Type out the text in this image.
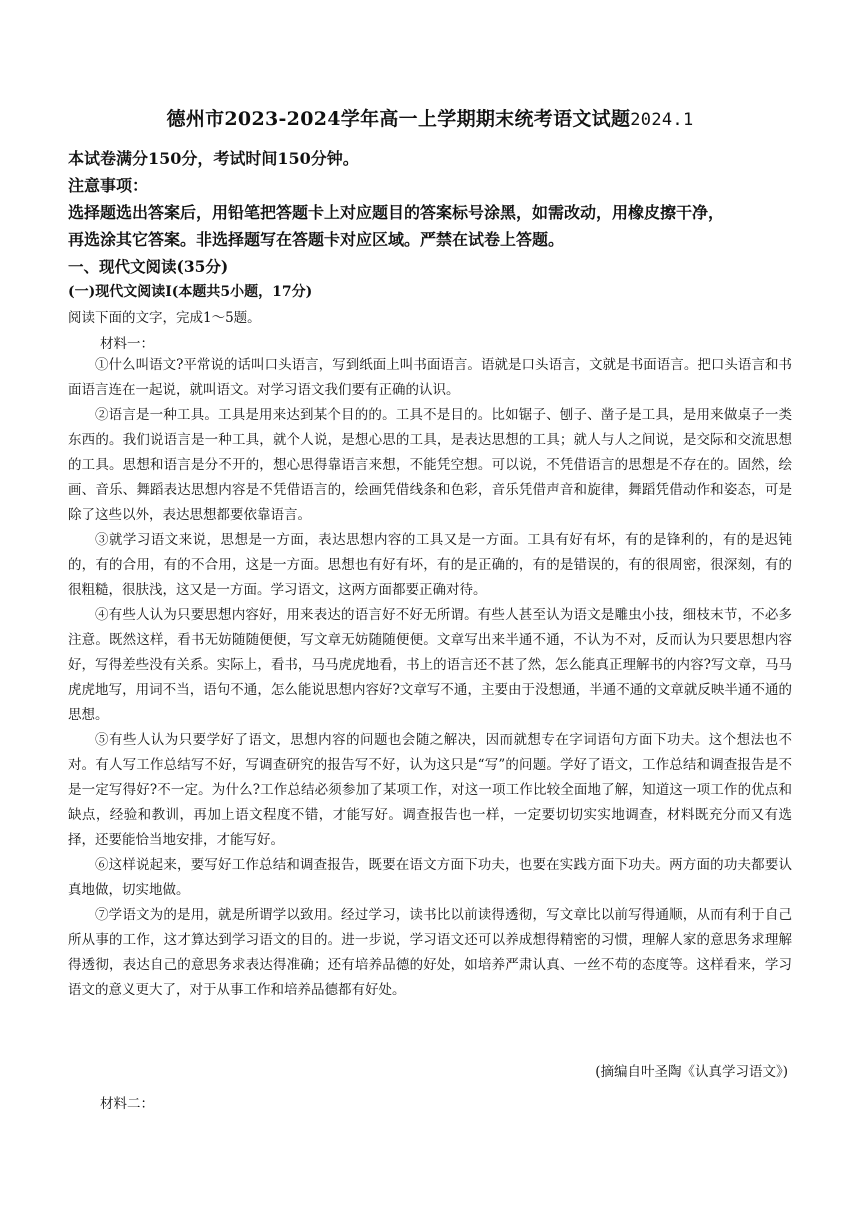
德州市2023-2024学年高一上学期期末统考语文试题2024.1
本试卷满分150分，考试时间150分钟。
注意事项：
选择题选出答案后，用铅笔把答题卡上对应题目的答案标号涂黑，如需改动，用橡皮擦干净，
再选涂其它答案。非选择题写在答题卡对应区域。严禁在试卷上答题。
一、现代文阅读(35分)
(一)现代文阅读Ⅰ(本题共5小题，17分)
阅读下面的文字，完成1～5题。
材料一：

①什么叫语文?平常说的话叫口头语言，写到纸面上叫书面语言。语就是口头语言，文就是书面语言。把口头语言和书面语言连在一起说，就叫语文。对学习语文我们要有正确的认识。

②语言是一种工具。工具是用来达到某个目的的。工具不是目的。比如锯子、刨子、凿子是工具，是用来做桌子一类东西的。我们说语言是一种工具，就个人说，是想心思的工具，是表达思想的工具；就人与人之间说，是交际和交流思想的工具。思想和语言是分不开的，想心思得靠语言来想，不能凭空想。可以说，不凭借语言的思想是不存在的。固然，绘画、音乐、舞蹈表达思想内容是不凭借语言的，绘画凭借线条和色彩，音乐凭借声音和旋律，舞蹈凭借动作和姿态，可是除了这些以外，表达思想都要依靠语言。

③就学习语文来说，思想是一方面，表达思想内容的工具又是一方面。工具有好有坏，有的是锋利的，有的是迟钝的，有的合用，有的不合用，这是一方面。思想也有好有坏，有的是正确的，有的是错误的，有的很周密，很深刻，有的很粗糙，很肤浅，这又是一方面。学习语文，这两方面都要正确对待。

④有些人认为只要思想内容好，用来表达的语言好不好无所谓。有些人甚至认为语文是雕虫小技，细枝末节，不必多注意。既然这样，看书无妨随随便便，写文章无妨随随便便。文章写出来半通不通，不认为不对，反而认为只要思想内容好，写得差些没有关系。实际上，看书，马马虎虎地看，书上的语言还不甚了然，怎么能真正理解书的内容?写文章，马马虎虎地写，用词不当，语句不通，怎么能说思想内容好?文章写不通，主要由于没想通，半通不通的文章就反映半通不通的思想。

⑤有些人认为只要学好了语文，思想内容的问题也会随之解决，因而就想专在字词语句方面下功夫。这个想法也不对。有人写工作总结写不好，写调查研究的报告写不好，认为这只是“写”的问题。学好了语文，工作总结和调查报告是不是一定写得好?不一定。为什么?工作总结必须参加了某项工作，对这一项工作比较全面地了解，知道这一项工作的优点和缺点，经验和教训，再加上语文程度不错，才能写好。调查报告也一样，一定要切切实实地调查，材料既充分而又有选择，还要能恰当地安排，才能写好。

⑥这样说起来，要写好工作总结和调查报告，既要在语文方面下功夫，也要在实践方面下功夫。两方面的功夫都要认真地做，切实地做。

⑦学语文为的是用，就是所谓学以致用。经过学习，读书比以前读得透彻，写文章比以前写得通顺，从而有利于自己所从事的工作，这才算达到学习语文的目的。进一步说，学习语文还可以养成想得精密的习惯，理解人家的意思务求理解得透彻，表达自己的意思务求表达得准确；还有培养品德的好处，如培养严肃认真、一丝不苟的态度等。这样看来，学习语文的意义更大了，对于从事工作和培养品德都有好处。

(摘编自叶圣陶《认真学习语文》)
材料二：
